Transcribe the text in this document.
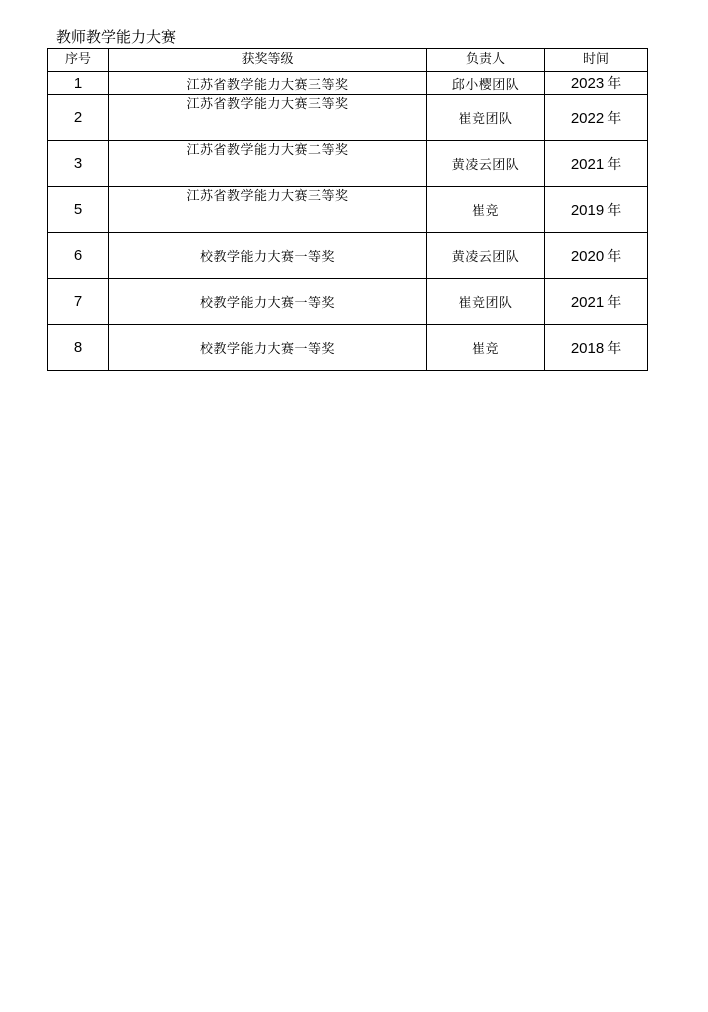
教师教学能力大赛
序号	获奖等级	负责人	时间
1	江苏省教学能力大赛三等奖	邱小樱团队	2023 年
2	江苏省教学能力大赛三等奖	崔竞团队	2022 年
3	江苏省教学能力大赛二等奖	黄凌云团队	2021 年
5	江苏省教学能力大赛三等奖	崔竞	2019 年
6	校教学能力大赛一等奖	黄凌云团队	2020 年
7	校教学能力大赛一等奖	崔竞团队	2021 年
8	校教学能力大赛一等奖	崔竞	2018 年
